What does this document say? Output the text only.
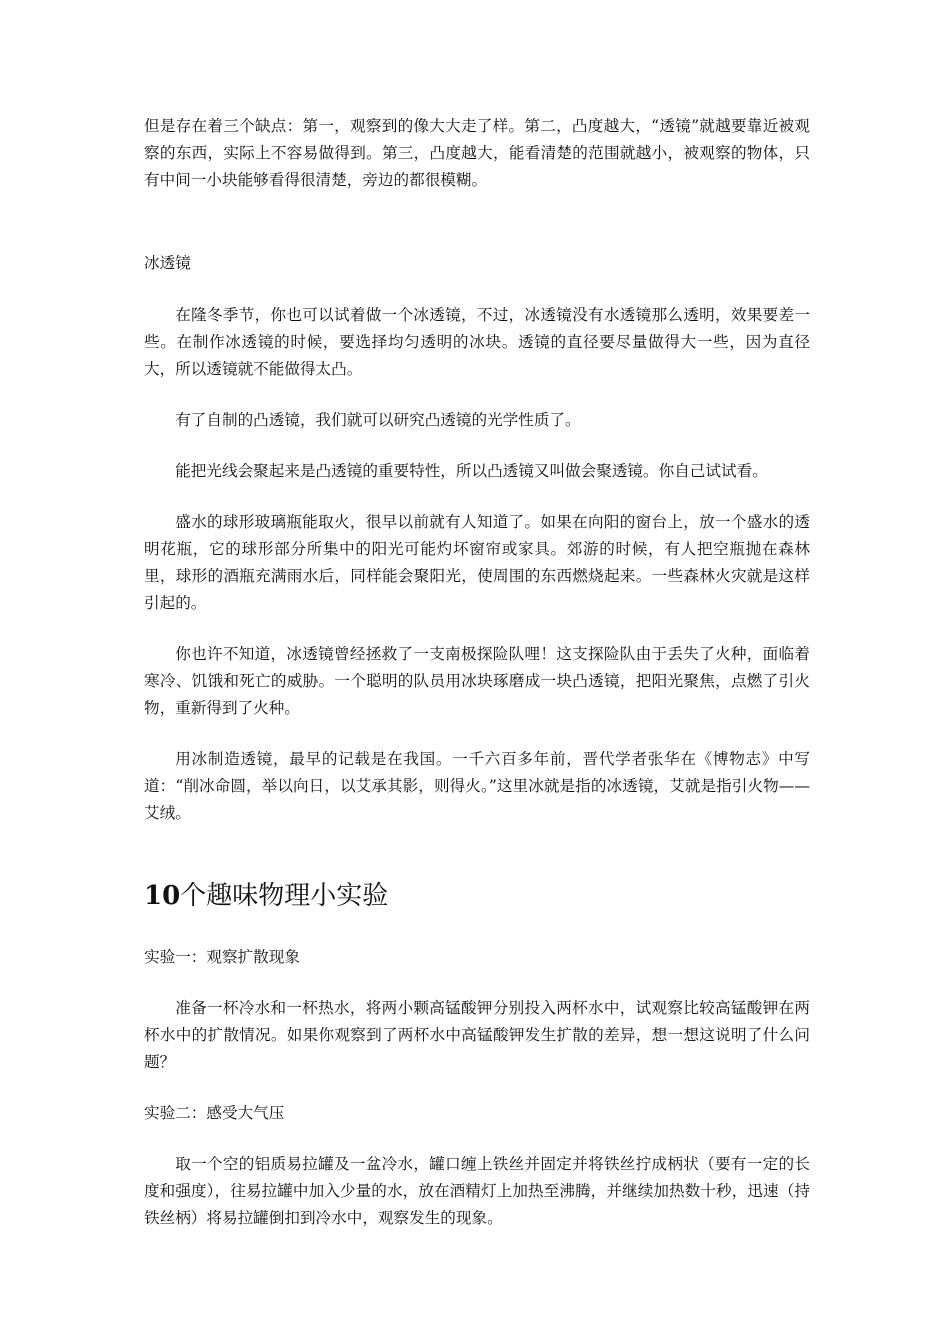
但是存在着三个缺点：第一，观察到的像大大走了样。第二，凸度越大，“透镜”就越要靠近被观察的东西，实际上不容易做得到。第三，凸度越大，能看清楚的范围就越小，被观察的物体，只有中间一小块能够看得很清楚，旁边的都很模糊。

冰透镜

在隆冬季节，你也可以试着做一个冰透镜，不过，冰透镜没有水透镜那么透明，效果要差一些。在制作冰透镜的时候，要选择均匀透明的冰块。透镜的直径要尽量做得大一些，因为直径大，所以透镜就不能做得太凸。

有了自制的凸透镜，我们就可以研究凸透镜的光学性质了。

能把光线会聚起来是凸透镜的重要特性，所以凸透镜又叫做会聚透镜。你自己试试看。

盛水的球形玻璃瓶能取火，很早以前就有人知道了。如果在向阳的窗台上，放一个盛水的透明花瓶，它的球形部分所集中的阳光可能灼坏窗帘或家具。郊游的时候，有人把空瓶抛在森林里，球形的酒瓶充满雨水后，同样能会聚阳光，使周围的东西燃烧起来。一些森林火灾就是这样引起的。

你也许不知道，冰透镜曾经拯救了一支南极探险队哩！这支探险队由于丢失了火种，面临着寒冷、饥饿和死亡的威胁。一个聪明的队员用冰块琢磨成一块凸透镜，把阳光聚焦，点燃了引火物，重新得到了火种。

用冰制造透镜，最早的记载是在我国。一千六百多年前，晋代学者张华在《博物志》中写道：“削冰命圆，举以向日，以艾承其影，则得火。”这里冰就是指的冰透镜，艾就是指引火物——艾绒。

10个趣味物理小实验

实验一：观察扩散现象

准备一杯冷水和一杯热水，将两小颗高锰酸钾分别投入两杯水中，试观察比较高锰酸钾在两杯水中的扩散情况。如果你观察到了两杯水中高锰酸钾发生扩散的差异，想一想这说明了什么问题？

实验二：感受大气压

取一个空的铝质易拉罐及一盆冷水，罐口缠上铁丝并固定并将铁丝拧成柄状（要有一定的长度和强度），往易拉罐中加入少量的水，放在酒精灯上加热至沸腾，并继续加热数十秒，迅速（持铁丝柄）将易拉罐倒扣到冷水中，观察发生的现象。
